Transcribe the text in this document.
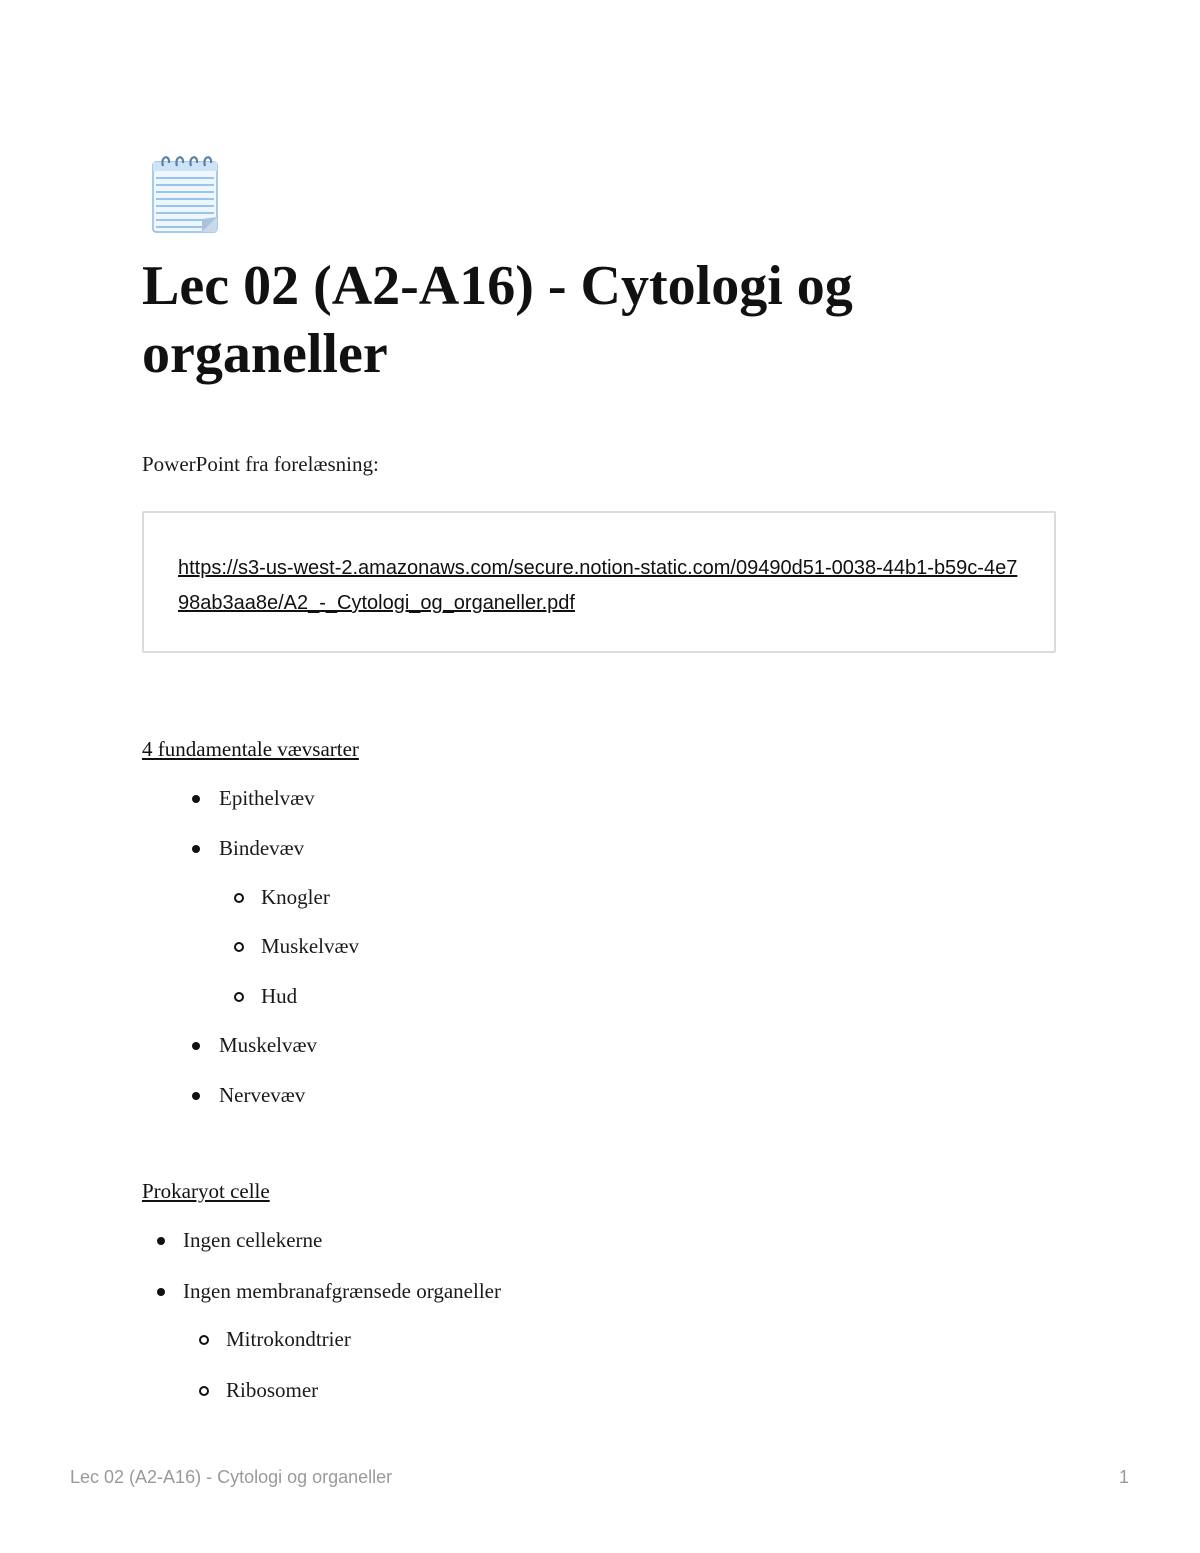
Lec 02 (A2-A16) - Cytologi og organeller
PowerPoint fra forelæsning:
https://s3-us-west-2.amazonaws.com/secure.notion-static.com/09490d51-0038-44b1-b59c-4e798ab3aa8e/A2_-_Cytologi_og_organeller.pdf
4 fundamentale vævsarter
Epithelvæv
Bindevæv
Knogler
Muskelvæv
Hud
Muskelvæv
Nervevæv
Prokaryot celle
Ingen cellekerne
Ingen membranafgrænsede organeller
Mitrokondtrier
Ribosomer
Lec 02 (A2-A16) - Cytologi og organeller	1
